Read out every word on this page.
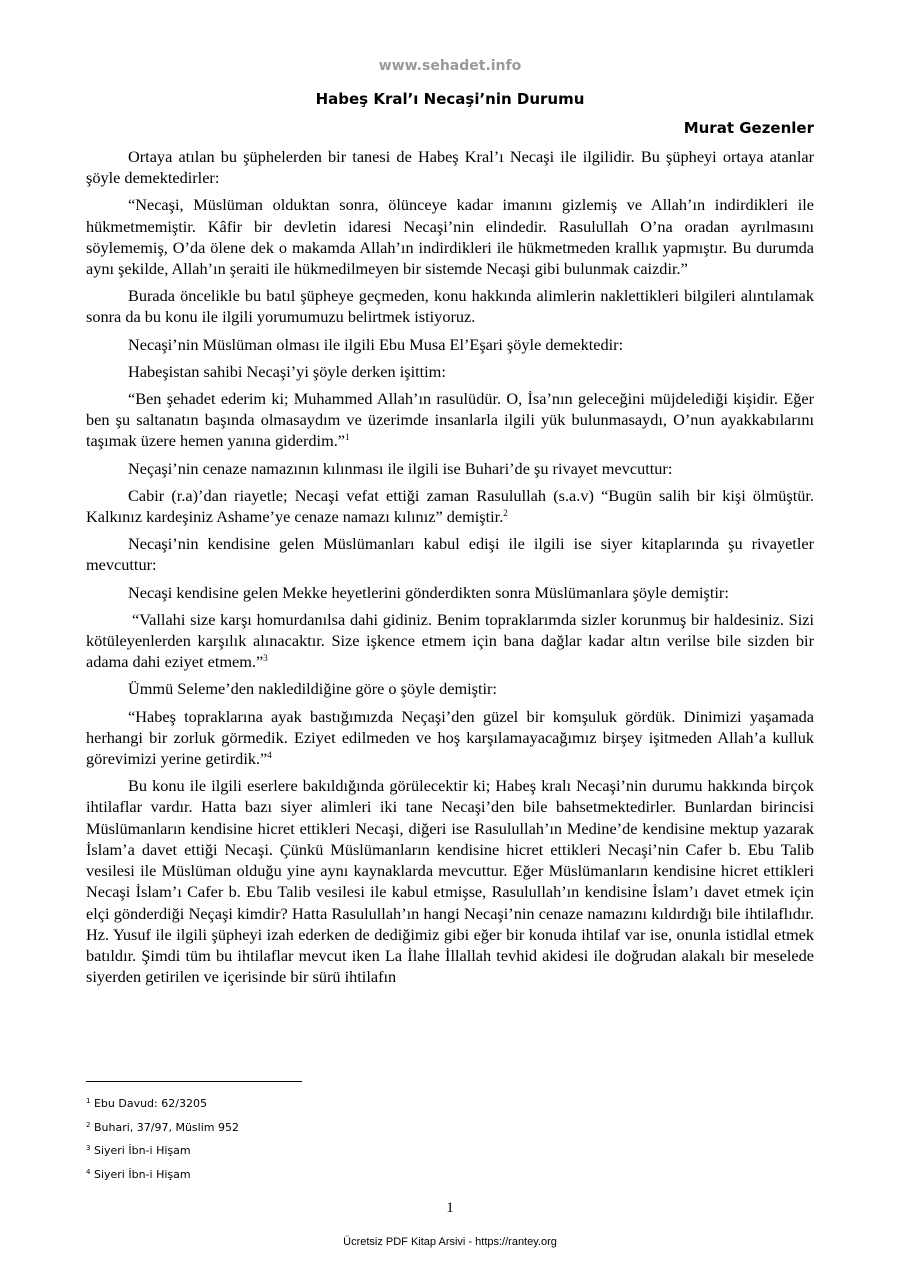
www.sehadet.info
Habeş Kral’ı Necaşi’nin Durumu
Murat Gezenler

Ortaya atılan bu şüphelerden bir tanesi de Habeş Kral’ı Necaşi ile ilgilidir. Bu şüpheyi ortaya atanlar şöyle demektedirler:

“Necaşi, Müslüman olduktan sonra, ölünceye kadar imanını gizlemiş ve Allah’ın indirdikleri ile hükmetmemiştir. Kâfir bir devletin idaresi Necaşi’nin elindedir. Rasulullah O’na oradan ayrılmasını söylememiş, O’da ölene dek o makamda Allah’ın indirdikleri ile hükmetmeden krallık yapmıştır. Bu durumda aynı şekilde, Allah’ın şeraiti ile hükmedilmeyen bir sistemde Necaşi gibi bulunmak caizdir.”

Burada öncelikle bu batıl şüpheye geçmeden, konu hakkında alimlerin naklettikleri bilgileri alıntılamak sonra da bu konu ile ilgili yorumumuzu belirtmek istiyoruz.

Necaşi’nin Müslüman olması ile ilgili Ebu Musa El’Eşari şöyle demektedir:

Habeşistan sahibi Necaşi’yi şöyle derken işittim:

“Ben şehadet ederim ki; Muhammed Allah’ın rasulüdür. O, İsa’nın geleceğini müjdelediği kişidir. Eğer ben şu saltanatın başında olmasaydım ve üzerimde insanlarla ilgili yük bulunmasaydı, O’nun ayakkabılarını taşımak üzere hemen yanına giderdim.”$^1$

Neçaşi’nin cenaze namazının kılınması ile ilgili ise Buhari’de şu rivayet mevcuttur:

Cabir (r.a)’dan riayetle; Necaşi vefat ettiği zaman Rasulullah (s.a.v) “Bugün salih bir kişi ölmüştür. Kalkınız kardeşiniz Ashame’ye cenaze namazı kılınız” demiştir.$^2$

Necaşi’nin kendisine gelen Müslümanları kabul edişi ile ilgili ise siyer kitaplarında şu rivayetler mevcuttur:

Necaşi kendisine gelen Mekke heyetlerini gönderdikten sonra Müslümanlara şöyle demiştir:

“Vallahi size karşı homurdanılsa dahi gidiniz. Benim topraklarımda sizler korunmuş bir haldesiniz. Sizi kötüleyenlerden karşılık alınacaktır. Size işkence etmem için bana dağlar kadar altın verilse bile sizden bir adama dahi eziyet etmem.”$^3$

Ümmü Seleme’den nakledildiğine göre o şöyle demiştir:

“Habeş topraklarına ayak bastığımızda Neçaşi’den güzel bir komşuluk gördük. Dinimizi yaşamada herhangi bir zorluk görmedik. Eziyet edilmeden ve hoş karşılamayacağımız birşey işitmeden Allah’a kulluk görevimizi yerine getirdik.”$^4$

Bu konu ile ilgili eserlere bakıldığında görülecektir ki; Habeş kralı Necaşi’nin durumu hakkında birçok ihtilaflar vardır. Hatta bazı siyer alimleri iki tane Necaşi’den bile bahsetmektedirler. Bunlardan birincisi Müslümanların kendisine hicret ettikleri Necaşi, diğeri ise Rasulullah’ın Medine’de kendisine mektup yazarak İslam’a davet ettiği Necaşi. Çünkü Müslümanların kendisine hicret ettikleri Necaşi’nin Cafer b. Ebu Talib vesilesi ile Müslüman olduğu yine aynı kaynaklarda mevcuttur. Eğer Müslümanların kendisine hicret ettikleri Necaşi İslam’ı Cafer b. Ebu Talib vesilesi ile kabul etmişse, Rasulullah’ın kendisine İslam’ı davet etmek için elçi gönderdiği Neçaşi kimdir? Hatta Rasulullah’ın hangi Necaşi’nin cenaze namazını kıldırdığı bile ihtilaflıdır. Hz. Yusuf ile ilgili şüpheyi izah ederken de dediğimiz gibi eğer bir konuda ihtilaf var ise, onunla istidlal etmek batıldır. Şimdi tüm bu ihtilaflar mevcut iken La İlahe İllallah tevhid akidesi ile doğrudan alakalı bir meselede siyerden getirilen ve içerisinde bir sürü ihtilafın

$^1$ Ebu Davud: 62/3205
$^2$ Buhari, 37/97, Müslim 952
$^3$ Siyeri İbn-i Hişam
$^4$ Siyeri İbn-i Hişam
1
Ücretsiz PDF Kitap Arsivi - https://rantey.org
